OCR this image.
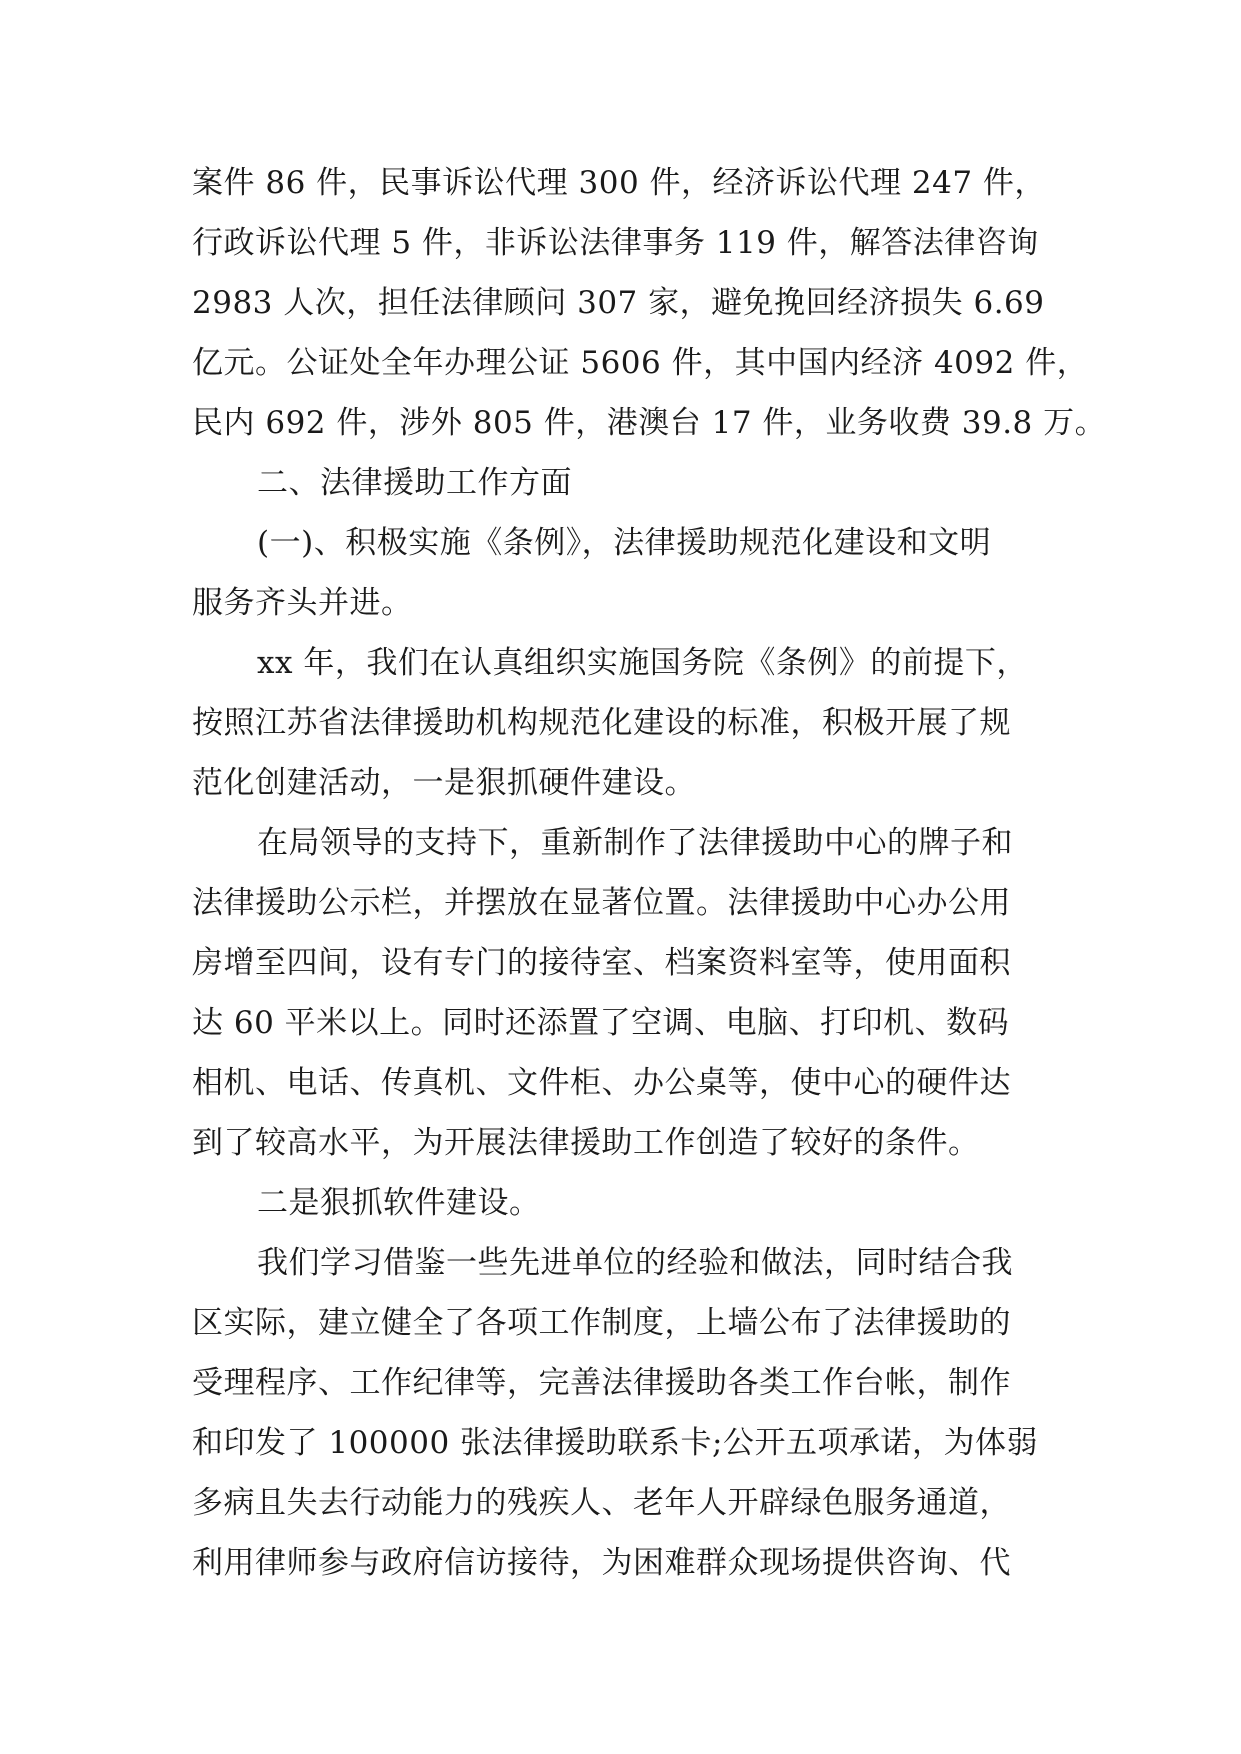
案件 86 件，民事诉讼代理 300 件，经济诉讼代理 247 件，
行政诉讼代理 5 件，非诉讼法律事务 119 件，解答法律咨询
2983 人次，担任法律顾问 307 家，避免挽回经济损失 6.69
亿元。公证处全年办理公证 5606 件，其中国内经济 4092 件，
民内 692 件，涉外 805 件，港澳台 17 件，业务收费 39.8 万。
二、法律援助工作方面
(一)、积极实施《条例》，法律援助规范化建设和文明
服务齐头并进。
xx 年，我们在认真组织实施国务院《条例》的前提下，
按照江苏省法律援助机构规范化建设的标准，积极开展了规
范化创建活动，一是狠抓硬件建设。
在局领导的支持下，重新制作了法律援助中心的牌子和
法律援助公示栏，并摆放在显著位置。法律援助中心办公用
房增至四间，设有专门的接待室、档案资料室等，使用面积
达 60 平米以上。同时还添置了空调、电脑、打印机、数码
相机、电话、传真机、文件柜、办公桌等，使中心的硬件达
到了较高水平，为开展法律援助工作创造了较好的条件。
二是狠抓软件建设。
我们学习借鉴一些先进单位的经验和做法，同时结合我
区实际，建立健全了各项工作制度，上墙公布了法律援助的
受理程序、工作纪律等，完善法律援助各类工作台帐，制作
和印发了 100000 张法律援助联系卡;公开五项承诺，为体弱
多病且失去行动能力的残疾人、老年人开辟绿色服务通道，
利用律师参与政府信访接待，为困难群众现场提供咨询、代
